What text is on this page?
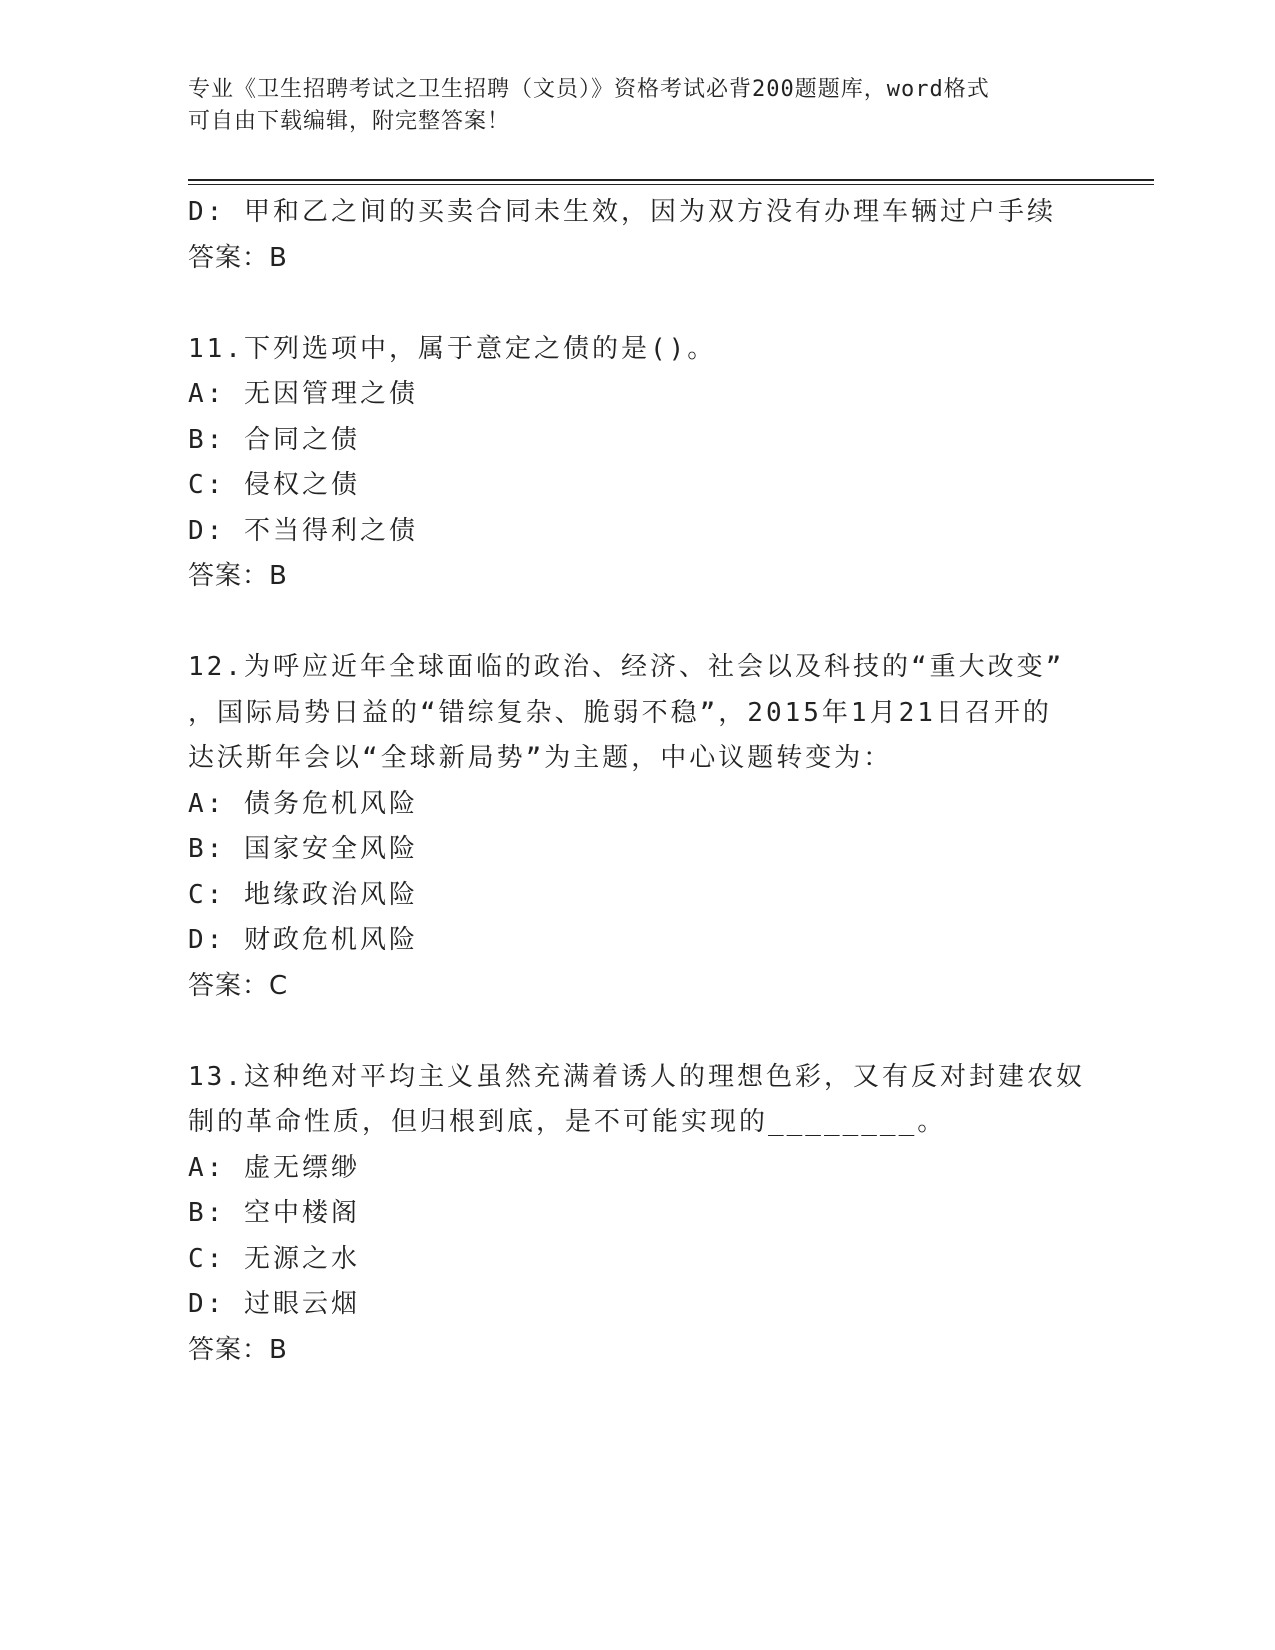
专业《卫生招聘考试之卫生招聘（文员）》资格考试必背200题题库，word格式
可自由下载编辑，附完整答案！
D: 甲和乙之间的买卖合同未生效，因为双方没有办理车辆过户手续
答案：B
11.下列选项中，属于意定之债的是()。
A: 无因管理之债
B: 合同之债
C: 侵权之债
D: 不当得利之债
答案：B
12.为呼应近年全球面临的政治、经济、社会以及科技的“重大改变”
，国际局势日益的“错综复杂、脆弱不稳”，2015年1月21日召开的
达沃斯年会以“全球新局势”为主题，中心议题转变为：
A: 债务危机风险
B: 国家安全风险
C: 地缘政治风险
D: 财政危机风险
答案：C
13.这种绝对平均主义虽然充满着诱人的理想色彩，又有反对封建农奴
制的革命性质，但归根到底，是不可能实现的________。
A: 虚无缥缈
B: 空中楼阁
C: 无源之水
D: 过眼云烟
答案：B
